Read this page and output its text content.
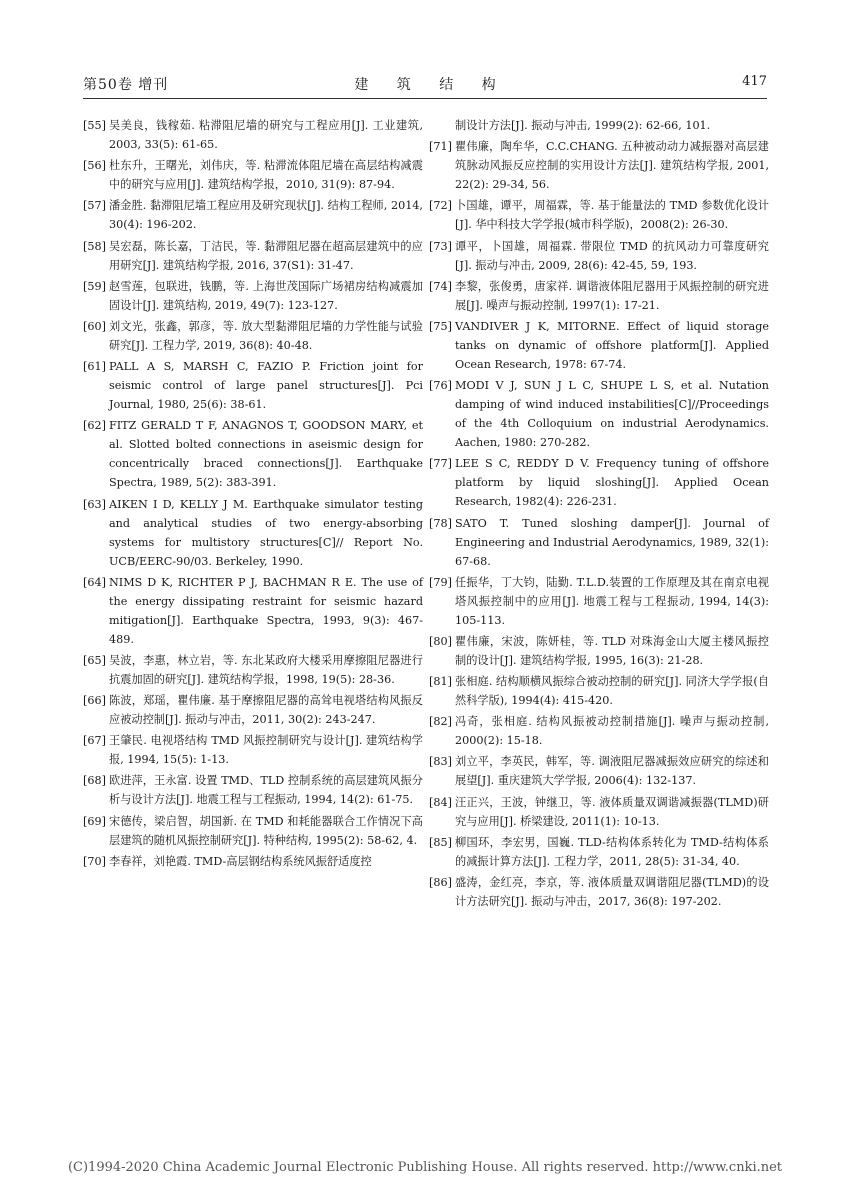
第50卷 增刊	建 筑 结 构	417
[55] 吴美良，钱稼茹. 粘滞阻尼墙的研究与工程应用[J]. 工业建筑, 2003, 33(5): 61-65.
[56] 杜东升，王曙光，刘伟庆，等. 粘滞流体阻尼墙在高层结构减震中的研究与应用[J]. 建筑结构学报，2010, 31(9): 87-94.
[57] 潘金胜. 黏滞阻尼墙工程应用及研究现状[J]. 结构工程师, 2014, 30(4): 196-202.
[58] 吴宏磊，陈长嘉，丁洁民，等. 黏滞阻尼器在超高层建筑中的应用研究[J]. 建筑结构学报, 2016, 37(S1): 31-47.
[59] 赵雪莲，包联进，钱鹏，等. 上海世茂国际广场裙房结构减震加固设计[J]. 建筑结构, 2019, 49(7): 123-127.
[60] 刘文光，张鑫，郭彦，等. 放大型黏滞阻尼墙的力学性能与试验研究[J]. 工程力学, 2019, 36(8): 40-48.
[61] PALL A S, MARSH C, FAZIO P. Friction joint for seismic control of large panel structures[J]. Pci Journal, 1980, 25(6): 38-61.
[62] FITZ GERALD T F, ANAGNOS T, GOODSON MARY, et al. Slotted bolted connections in aseismic design for concentrically braced connections[J]. Earthquake Spectra, 1989, 5(2): 383-391.
[63] AIKEN I D, KELLY J M. Earthquake simulator testing and analytical studies of two energy-absorbing systems for multistory structures[C]// Report No. UCB/EERC-90/03. Berkeley, 1990.
[64] NIMS D K, RICHTER P J, BACHMAN R E. The use of the energy dissipating restraint for seismic hazard mitigation[J]. Earthquake Spectra, 1993, 9(3): 467-489.
[65] 吴波，李惠，林立岩，等. 东北某政府大楼采用摩擦阻尼器进行抗震加固的研究[J]. 建筑结构学报，1998, 19(5): 28-36.
[66] 陈波，郑瑶，瞿伟廉. 基于摩擦阻尼器的高耸电视塔结构风振反应被动控制[J]. 振动与冲击，2011, 30(2): 243-247.
[67] 王肇民. 电视塔结构 TMD 风振控制研究与设计[J]. 建筑结构学报, 1994, 15(5): 1-13.
[68] 欧进萍，王永富. 设置 TMD、TLD 控制系统的高层建筑风振分析与设计方法[J]. 地震工程与工程振动, 1994, 14(2): 61-75.
[69] 宋德传，梁启智，胡国新. 在 TMD 和耗能器联合工作情况下高层建筑的随机风振控制研究[J]. 特种结构, 1995(2): 58-62, 4.
[70] 李春祥，刘艳霞. TMD-高层钢结构系统风振舒适度控
制设计方法[J]. 振动与冲击, 1999(2): 62-66, 101.
[71] 瞿伟廉，陶牟华，C.C.CHANG. 五种被动动力减振器对高层建筑脉动风振反应控制的实用设计方法[J]. 建筑结构学报, 2001, 22(2): 29-34, 56.
[72] 卜国雄，谭平，周福霖，等. 基于能量法的 TMD 参数优化设计[J]. 华中科技大学学报(城市科学版)，2008(2): 26-30.
[73] 谭平，卜国雄，周福霖. 带限位 TMD 的抗风动力可靠度研究[J]. 振动与冲击, 2009, 28(6): 42-45, 59, 193.
[74] 李黎，张俊勇，唐家祥. 调谐液体阻尼器用于风振控制的研究进展[J]. 噪声与振动控制, 1997(1): 17-21.
[75] VANDIVER J K, MITORNE. Effect of liquid storage tanks on dynamic of offshore platform[J]. Applied Ocean Research, 1978: 67-74.
[76] MODI V J, SUN J L C, SHUPE L S, et al. Nutation damping of wind induced instabilities[C]//Proceedings of the 4th Colloquium on industrial Aerodynamics. Aachen, 1980: 270-282.
[77] LEE S C, REDDY D V. Frequency tuning of offshore platform by liquid sloshing[J]. Applied Ocean Research, 1982(4): 226-231.
[78] SATO T. Tuned sloshing damper[J]. Journal of Engineering and Industrial Aerodynamics, 1989, 32(1): 67-68.
[79] 任振华，丁大钧，陆勤. T.L.D.装置的工作原理及其在南京电视塔风振控制中的应用[J]. 地震工程与工程振动, 1994, 14(3): 105-113.
[80] 瞿伟廉，宋波，陈妍桂，等. TLD 对珠海金山大厦主楼风振控制的设计[J]. 建筑结构学报, 1995, 16(3): 21-28.
[81] 张相庭. 结构顺横风振综合被动控制的研究[J]. 同济大学学报(自然科学版), 1994(4): 415-420.
[82] 冯奇，张相庭. 结构风振被动控制措施[J]. 噪声与振动控制, 2000(2): 15-18.
[83] 刘立平，李英民，韩军，等. 调液阻尼器减振效应研究的综述和展望[J]. 重庆建筑大学学报, 2006(4): 132-137.
[84] 汪正兴，王波，钟继卫，等. 液体质量双调谐减振器(TLMD)研究与应用[J]. 桥梁建设, 2011(1): 10-13.
[85] 柳国环，李宏男，国巍. TLD-结构体系转化为 TMD-结构体系的减振计算方法[J]. 工程力学，2011, 28(5): 31-34, 40.
[86] 盛涛，金红亮，李京，等. 液体质量双调谐阻尼器(TLMD)的设计方法研究[J]. 振动与冲击，2017, 36(8): 197-202.
(C)1994-2020 China Academic Journal Electronic Publishing House. All rights reserved. http://www.cnki.net
